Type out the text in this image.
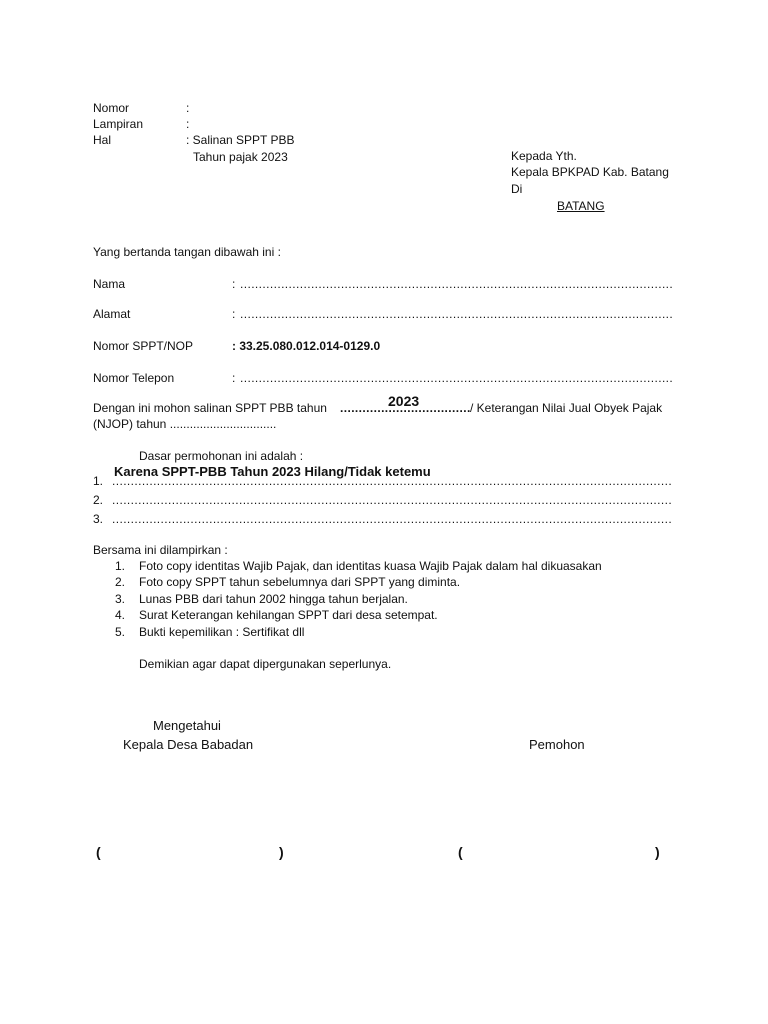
Nomor	:
Lampiran	:
Hal	: Salinan SPPT PBB
Tahun pajak 2023	Kepada Yth.
Kepala BPKPAD Kab. Batang
Di
BATANG
Yang bertanda tangan dibawah ini :
Nama	:
.....
Alamat	:
.....
Nomor SPPT/NOP	: 33.25.080.012.014-0129.0
Nomor Telepon	:
.....
Dengan ini mohon salinan SPPT PBB tahun
.....	2023	/ Keterangan Nilai Jual Obyek Pajak
(NJOP) tahun ................................
Dasar permohonan ini adalah :
Karena SPPT-PBB Tahun 2023 Hilang/Tidak ketemu
1.
.....
2.
.....
3.
.....
Bersama ini dilampirkan :
1. Foto copy identitas Wajib Pajak, dan identitas kuasa Wajib Pajak dalam hal dikuasakan
2. Foto copy SPPT tahun sebelumnya dari SPPT yang diminta.
3. Lunas PBB dari tahun 2002 hingga tahun berjalan.
4. Surat Keterangan kehilangan SPPT dari desa setempat.
5. Bukti kepemilikan : Sertifikat dll
Demikian agar dapat dipergunakan seperlunya.
Mengetahui
Kepala Desa Babadan	Pemohon
(	)	(	)
